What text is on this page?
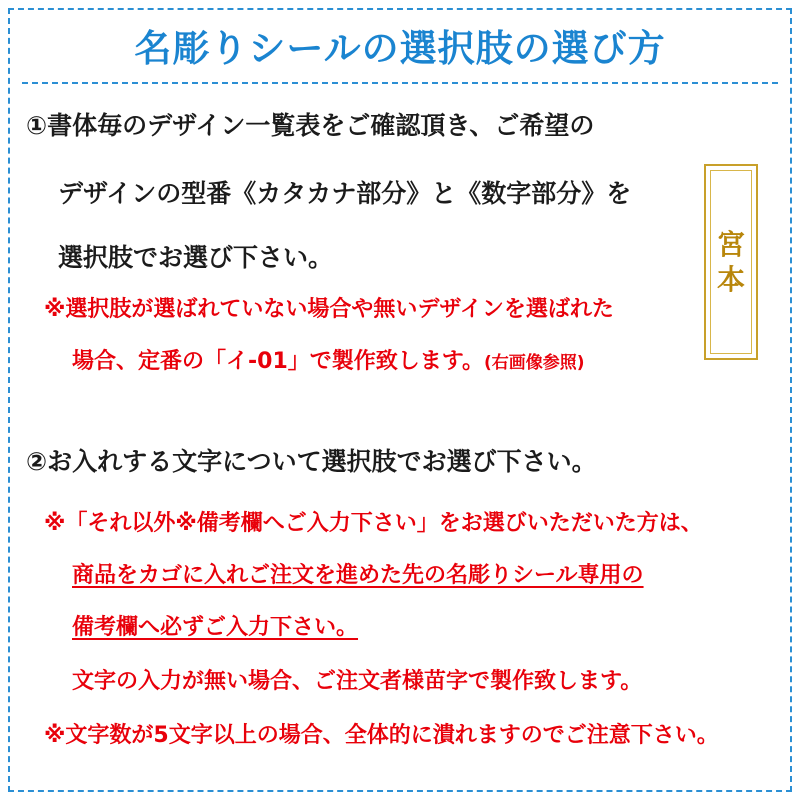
名彫りシールの選択肢の選び方
①書体毎のデザイン一覧表をご確認頂き、ご希望の
デザインの型番《カタカナ部分》と《数字部分》を
選択肢でお選び下さい。
※選択肢が選ばれていない場合や無いデザインを選ばれた
場合、定番の「イ-01」で製作致します。(右画像参照)
②お入れする文字について選択肢でお選び下さい。
※「それ以外※備考欄へご入力下さい」をお選びいただいた方は、
商品をカゴに入れご注文を進めた先の名彫りシール専用の
備考欄へ必ずご入力下さい。
文字の入力が無い場合、ご注文者様苗字で製作致します。
※文字数が5文字以上の場合、全体的に潰れますのでご注意下さい。
宮
本
